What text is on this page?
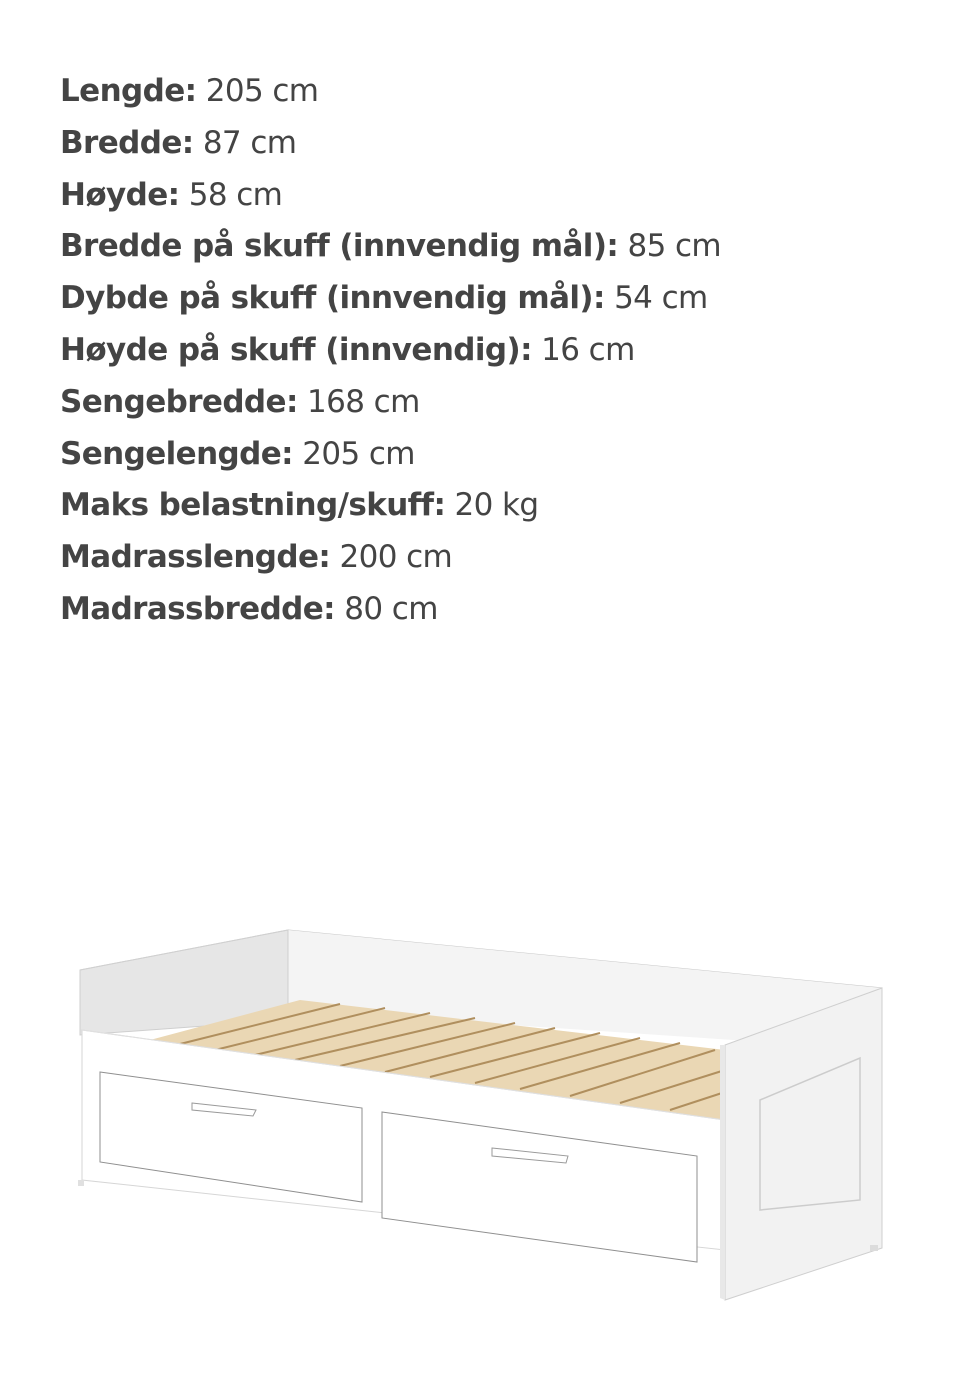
Lengde: 205 cm
Bredde: 87 cm
Høyde: 58 cm
Bredde på skuff (innvendig mål): 85 cm
Dybde på skuff (innvendig mål): 54 cm
Høyde på skuff (innvendig): 16 cm
Sengebredde: 168 cm
Sengelengde: 205 cm
Maks belastning/skuff: 20 kg
Madrasslengde: 200 cm
Madrassbredde: 80 cm
